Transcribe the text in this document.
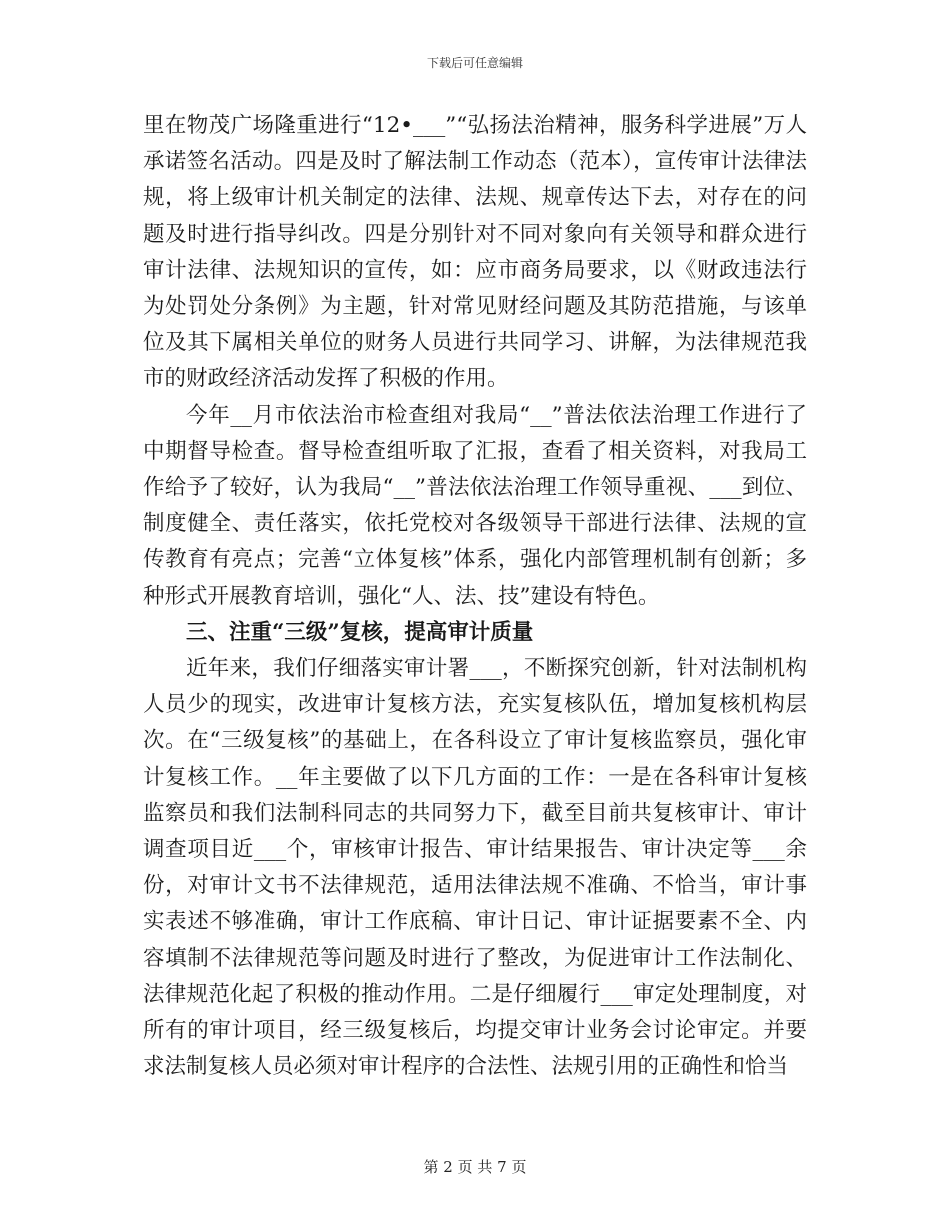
下载后可任意编辑

里在物茂广场隆重进行“12•___”“弘扬法治精神，服务科学进展”万人承诺签名活动。四是及时了解法制工作动态（范本），宣传审计法律法规，将上级审计机关制定的法律、法规、规章传达下去，对存在的问题及时进行指导纠改。四是分别针对不同对象向有关领导和群众进行审计法律、法规知识的宣传，如：应市商务局要求，以《财政违法行为处罚处分条例》为主题，针对常见财经问题及其防范措施，与该单位及其下属相关单位的财务人员进行共同学习、讲解，为法律规范我市的财政经济活动发挥了积极的作用。

今年__月市依法治市检查组对我局“__”普法依法治理工作进行了中期督导检查。督导检查组听取了汇报，查看了相关资料，对我局工作给予了较好，认为我局“__”普法依法治理工作领导重视、___到位、制度健全、责任落实，依托党校对各级领导干部进行法律、法规的宣传教育有亮点；完善“立体复核”体系，强化内部管理机制有创新；多种形式开展教育培训，强化“人、法、技”建设有特色。

三、注重“三级”复核，提高审计质量

近年来，我们仔细落实审计署___，不断探究创新，针对法制机构人员少的现实，改进审计复核方法，充实复核队伍，增加复核机构层次。在“三级复核”的基础上，在各科设立了审计复核监察员，强化审计复核工作。__年主要做了以下几方面的工作：一是在各科审计复核监察员和我们法制科同志的共同努力下，截至目前共复核审计、审计调查项目近___个，审核审计报告、审计结果报告、审计决定等___余份，对审计文书不法律规范，适用法律法规不准确、不恰当，审计事实表述不够准确，审计工作底稿、审计日记、审计证据要素不全、内容填制不法律规范等问题及时进行了整改，为促进审计工作法制化、法律规范化起了积极的推动作用。二是仔细履行___审定处理制度，对所有的审计项目，经三级复核后，均提交审计业务会讨论审定。并要求法制复核人员必须对审计程序的合法性、法规引用的正确性和恰当

第 2 页 共 7 页
